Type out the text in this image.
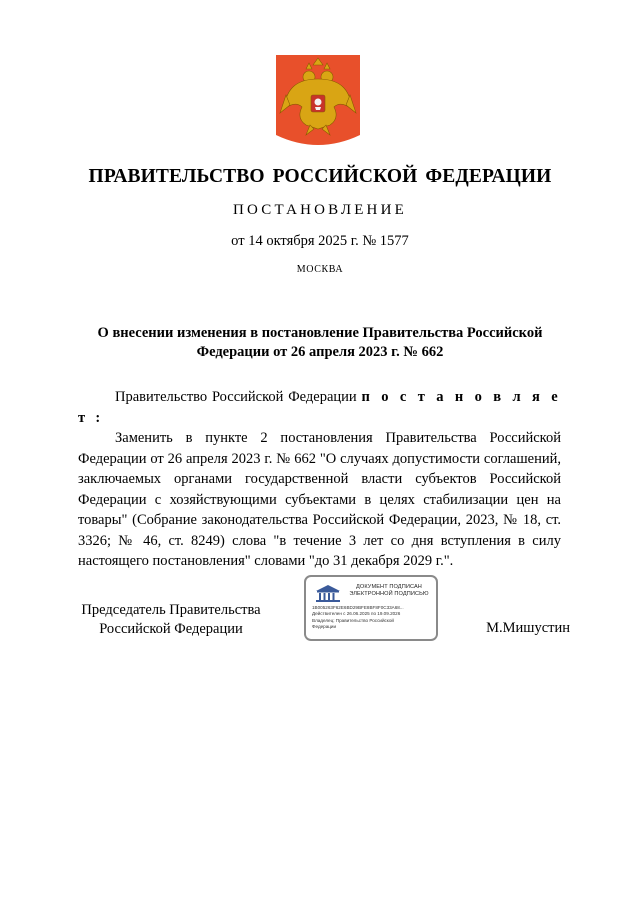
ПРАВИТЕЛЬСТВО РОССИЙСКОЙ ФЕДЕРАЦИИ
ПОСТАНОВЛЕНИЕ
от 14 октября 2025 г. № 1577
МОСКВА
О внесении изменения в постановление Правительства Российской Федерации от 26 апреля 2023 г. № 662

Правительство Российской Федерации п о с т а н о в л я е т :

Заменить в пункте 2 постановления Правительства Российской Федерации от 26 апреля 2023 г. № 662 "О случаях допустимости соглашений, заключаемых органами государственной власти субъектов Российской Федерации с хозяйствующими субъектами в целях стабилизации цен на товары" (Собрание законодательства Российской Федерации, 2023, № 18, ст. 3326; № 46, ст. 8249) слова "в течение 3 лет со дня вступления в силу настоящего постановления" словами "до 31 декабря 2029 г.".

Председатель Правительства
Российской Федерации
ДОКУМЕНТ ПОДПИСАН
ЭЛЕКТРОННОЙ ПОДПИСЬЮ
1B005263F62E6BD29BFE8BF8F0C33A68...
Действителен с 26.06.2025 по 19.09.2026
Владелец: Правительство Российской
Федерации	М.Мишустин
